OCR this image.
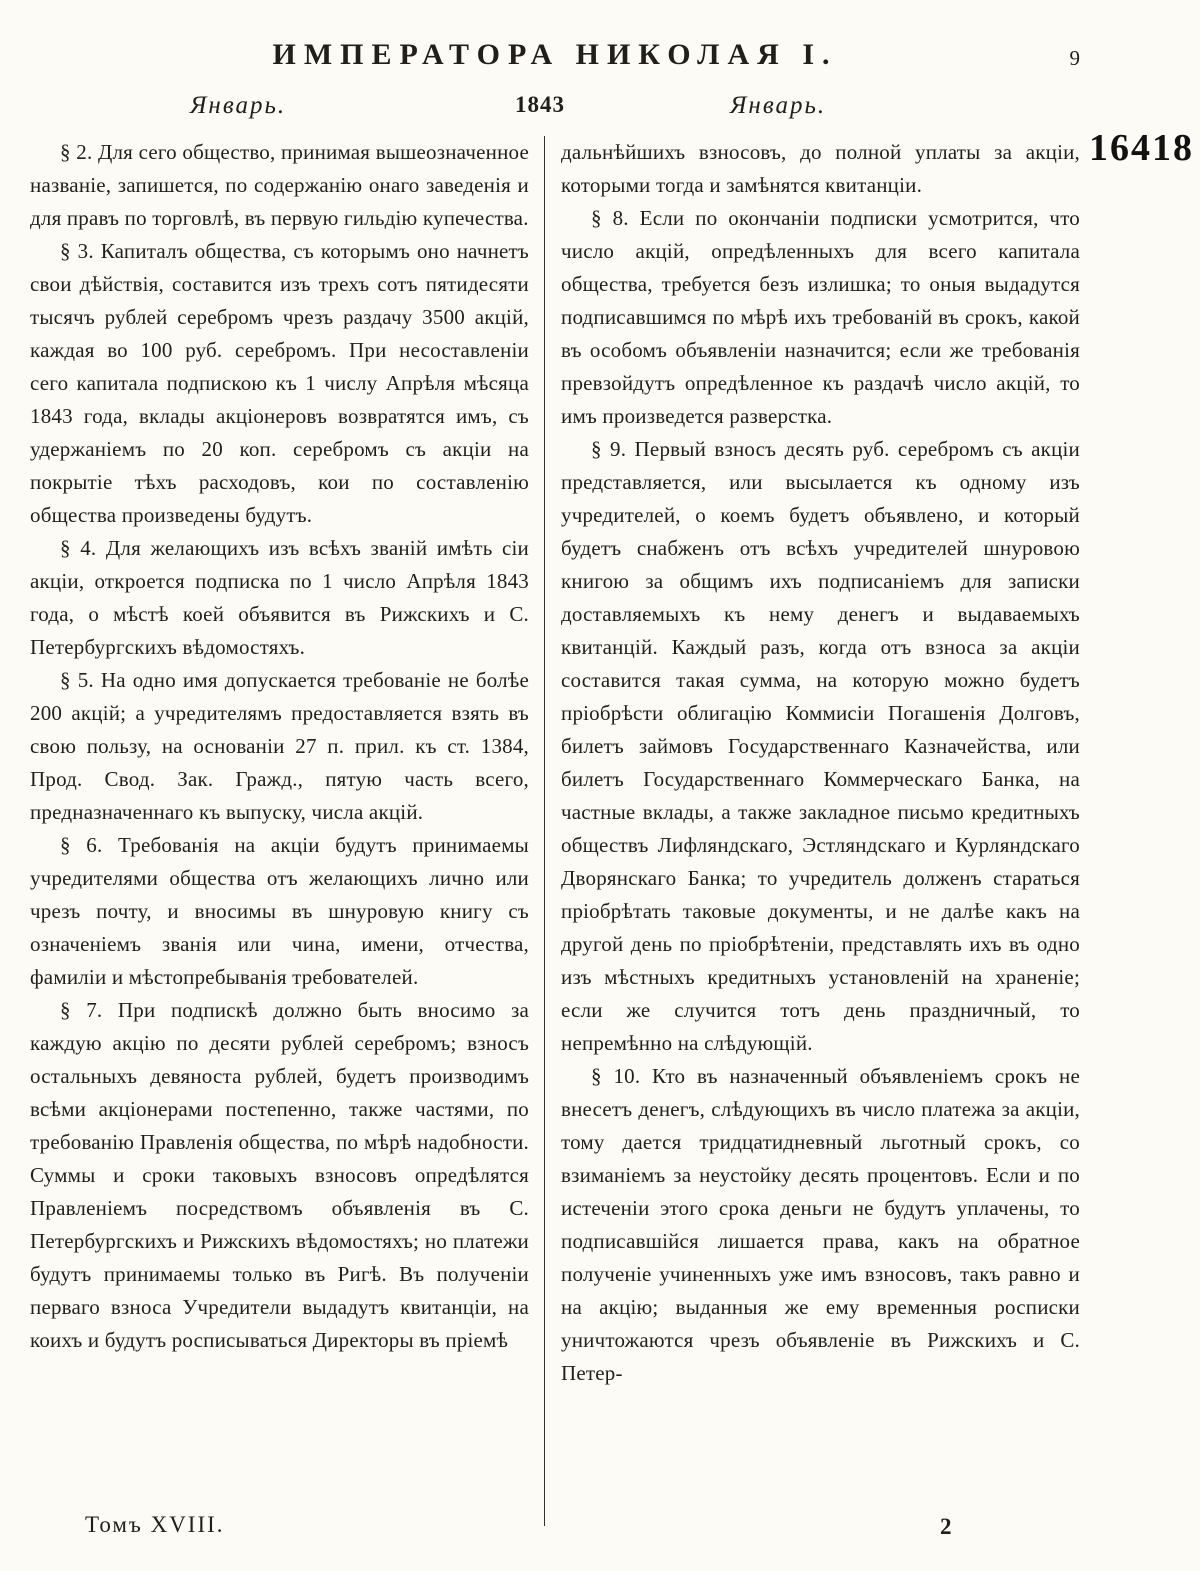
16418
ИМПЕРАТОРА НИКОЛАЯ I.	9
Январь.	1843	Январь.

§ 2. Для сего общество, принимая вышеозначенное названіе, запишется, по содержанію онаго заведенія и для правъ по торговлѣ, въ первую гильдію купечества.

§ 3. Капиталъ общества, съ которымъ оно начнетъ свои дѣйствія, составится изъ трехъ сотъ пятидесяти тысячъ рублей серебромъ чрезъ раздачу 3500 акцій, каждая во 100 руб. серебромъ. При несоставленіи сего капитала подпискою къ 1 числу Апрѣля мѣсяца 1843 года, вклады акціонеровъ возвратятся имъ, съ удержаніемъ по 20 коп. серебромъ съ акціи на покрытіе тѣхъ расходовъ, кои по составленію общества произведены будутъ.

§ 4. Для желающихъ изъ всѣхъ званій имѣть сіи акціи, откроется подписка по 1 число Апрѣля 1843 года, о мѣстѣ коей объявится въ Рижскихъ и С. Петербургскихъ вѣдомостяхъ.

§ 5. На одно имя допускается требованіе не болѣе 200 акцій; а учредителямъ предоставляется взять въ свою пользу, на основаніи 27 п. прил. къ ст. 1384, Прод. Свод. Зак. Гражд., пятую часть всего, предназначеннаго къ выпуску, числа акцій.

§ 6. Требованія на акціи будутъ принимаемы учредителями общества отъ желающихъ лично или чрезъ почту, и вносимы въ шнуровую книгу съ означеніемъ званія или чина, имени, отчества, фамиліи и мѣстопребыванія требователей.

§ 7. При подпискѣ должно быть вносимо за каждую акцію по десяти рублей серебромъ; взносъ остальныхъ девяноста рублей, будетъ производимъ всѣми акціонерами постепенно, также частями, по требованію Правленія общества, по мѣрѣ надобности. Суммы и сроки таковыхъ взносовъ опредѣлятся Правленіемъ посредствомъ объявленія въ С. Петербургскихъ и Рижскихъ вѣдомостяхъ; но платежи будутъ принимаемы только въ Ригѣ. Въ полученіи перваго взноса Учредители выдадутъ квитанціи, на коихъ и будутъ росписываться Директоры въ пріемѣ

дальнѣйшихъ взносовъ, до полной уплаты за акціи, которыми тогда и замѣнятся квитанціи.

§ 8. Если по окончаніи подписки усмотрится, что число акцій, опредѣленныхъ для всего капитала общества, требуется безъ излишка; то оныя выдадутся подписавшимся по мѣрѣ ихъ требованій въ срокъ, какой въ особомъ объявленіи назначится; если же требованія превзойдутъ опредѣленное къ раздачѣ число акцій, то имъ произведется разверстка.

§ 9. Первый взносъ десять руб. серебромъ съ акціи представляется, или высылается къ одному изъ учредителей, о коемъ будетъ объявлено, и который будетъ снабженъ отъ всѣхъ учредителей шнуровою книгою за общимъ ихъ подписаніемъ для записки доставляемыхъ къ нему денегъ и выдаваемыхъ квитанцій. Каждый разъ, когда отъ взноса за акціи составится такая сумма, на которую можно будетъ пріобрѣсти облигацію Коммисіи Погашенія Долговъ, билетъ займовъ Государственнаго Казначейства, или билетъ Государственнаго Коммерческаго Банка, на частные вклады, а также закладное письмо кредитныхъ обществъ Лифляндскаго, Эстляндскаго и Курляндскаго Дворянскаго Банка; то учредитель долженъ стараться пріобрѣтать таковые документы, и не далѣе какъ на другой день по пріобрѣтеніи, представлять ихъ въ одно изъ мѣстныхъ кредитныхъ установленій на храненіе; если же случится тотъ день праздничный, то непремѣнно на слѣдующій.

§ 10. Кто въ назначенный объявленіемъ срокъ не внесетъ денегъ, слѣдующихъ въ число платежа за акціи, тому дается тридцатидневный льготный срокъ, со взиманіемъ за неустойку десять процентовъ. Если и по истеченіи этого срока деньги не будутъ уплачены, то подписавшійся лишается права, какъ на обратное полученіе учиненныхъ уже имъ взносовъ, такъ равно и на акцію; выданныя же ему временныя росписки уничтожаются чрезъ объявленіе въ Рижскихъ и С. Петер-

Томъ XVIII.	2
